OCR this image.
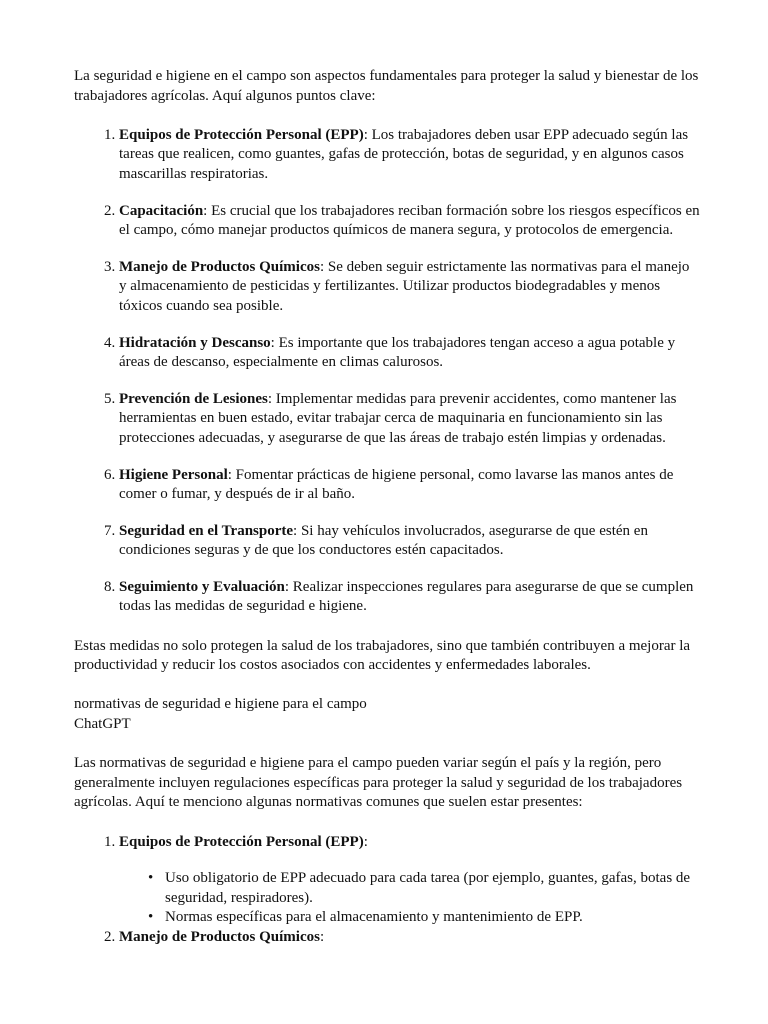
La seguridad e higiene en el campo son aspectos fundamentales para proteger la salud y bienestar de los trabajadores agrícolas. Aquí algunos puntos clave:

1. Equipos de Protección Personal (EPP): Los trabajadores deben usar EPP adecuado según las tareas que realicen, como guantes, gafas de protección, botas de seguridad, y en algunos casos mascarillas respiratorias.
2. Capacitación: Es crucial que los trabajadores reciban formación sobre los riesgos específicos en el campo, cómo manejar productos químicos de manera segura, y protocolos de emergencia.
3. Manejo de Productos Químicos: Se deben seguir estrictamente las normativas para el manejo y almacenamiento de pesticidas y fertilizantes. Utilizar productos biodegradables y menos tóxicos cuando sea posible.
4. Hidratación y Descanso: Es importante que los trabajadores tengan acceso a agua potable y áreas de descanso, especialmente en climas calurosos.
5. Prevención de Lesiones: Implementar medidas para prevenir accidentes, como mantener las herramientas en buen estado, evitar trabajar cerca de maquinaria en funcionamiento sin las protecciones adecuadas, y asegurarse de que las áreas de trabajo estén limpias y ordenadas.
6. Higiene Personal: Fomentar prácticas de higiene personal, como lavarse las manos antes de comer o fumar, y después de ir al baño.
7. Seguridad en el Transporte: Si hay vehículos involucrados, asegurarse de que estén en condiciones seguras y de que los conductores estén capacitados.
8. Seguimiento y Evaluación: Realizar inspecciones regulares para asegurarse de que se cumplen todas las medidas de seguridad e higiene.

Estas medidas no solo protegen la salud de los trabajadores, sino que también contribuyen a mejorar la productividad y reducir los costos asociados con accidentes y enfermedades laborales.

normativas de seguridad e higiene para el campo
ChatGPT

Las normativas de seguridad e higiene para el campo pueden variar según el país y la región, pero generalmente incluyen regulaciones específicas para proteger la salud y seguridad de los trabajadores agrícolas. Aquí te menciono algunas normativas comunes que suelen estar presentes:

1. Equipos de Protección Personal (EPP):
• Uso obligatorio de EPP adecuado para cada tarea (por ejemplo, guantes, gafas, botas de seguridad, respiradores).
• Normas específicas para el almacenamiento y mantenimiento de EPP.
2. Manejo de Productos Químicos:
